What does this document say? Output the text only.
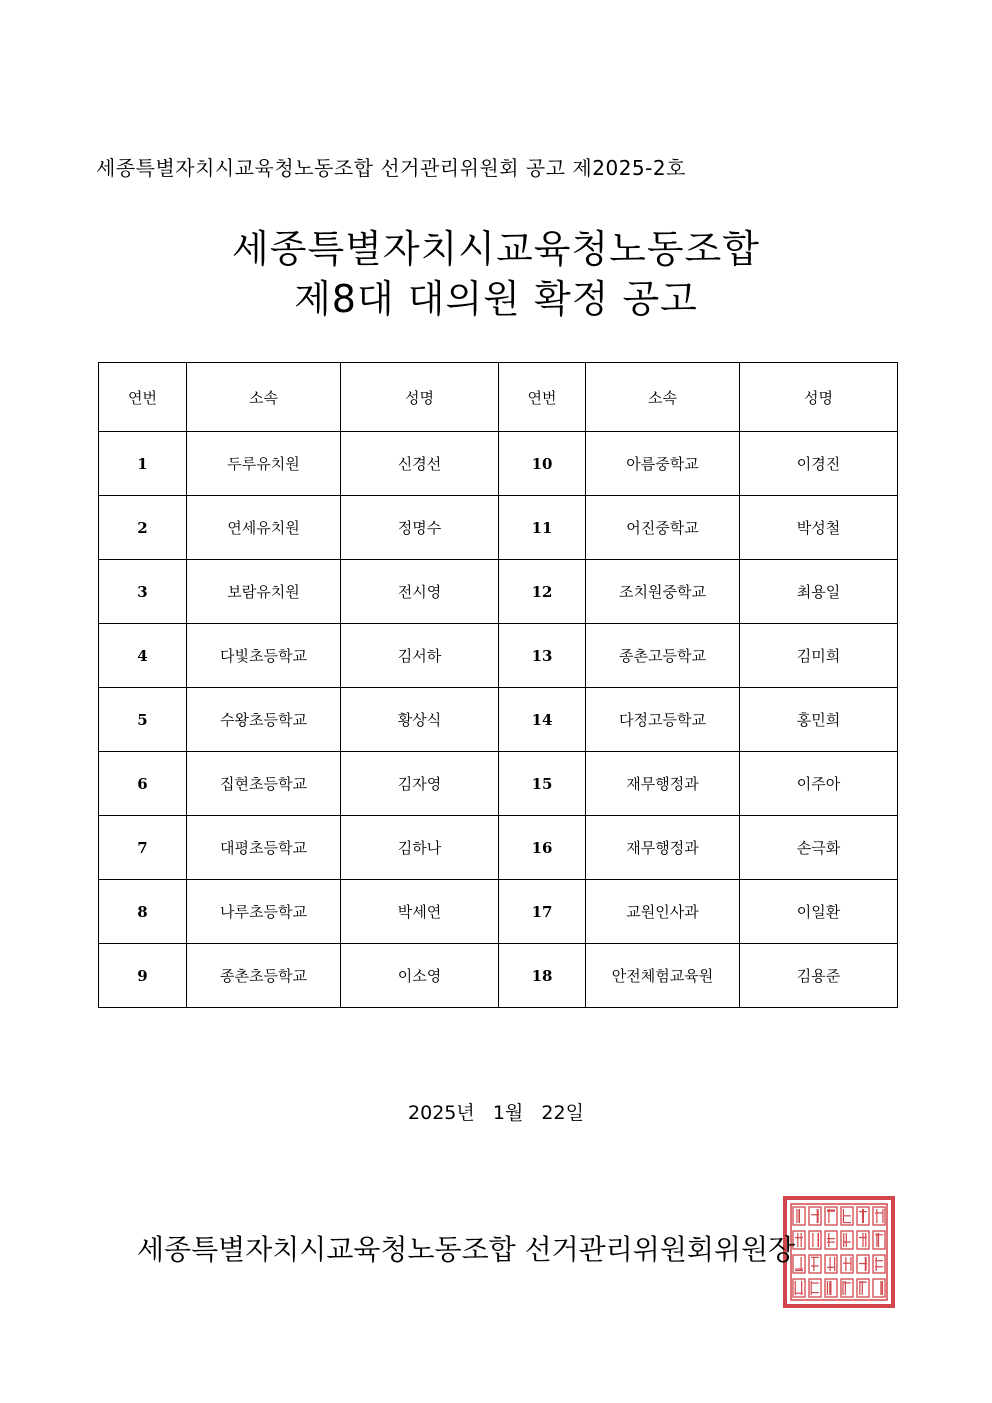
세종특별자치시교육청노동조합 선거관리위원회 공고 제2025-2호
세종특별자치시교육청노동조합
제8대 대의원 확정 공고
연번	소속	성명	연번	소속	성명
1	두루유치원	신경선	10	아름중학교	이경진
2	연세유치원	정명수	11	어진중학교	박성철
3	보람유치원	전시영	12	조치원중학교	최용일
4	다빛초등학교	김서하	13	종촌고등학교	김미희
5	수왕초등학교	황상식	14	다정고등학교	홍민희
6	집현초등학교	김자영	15	재무행정과	이주아
7	대평초등학교	김하나	16	재무행정과	손극화
8	나루초등학교	박세연	17	교원인사과	이일환
9	종촌초등학교	이소영	18	안전체험교육원	김용준
2025년   1월   22일
세종특별자치시교육청노동조합 선거관리위원회위원장
